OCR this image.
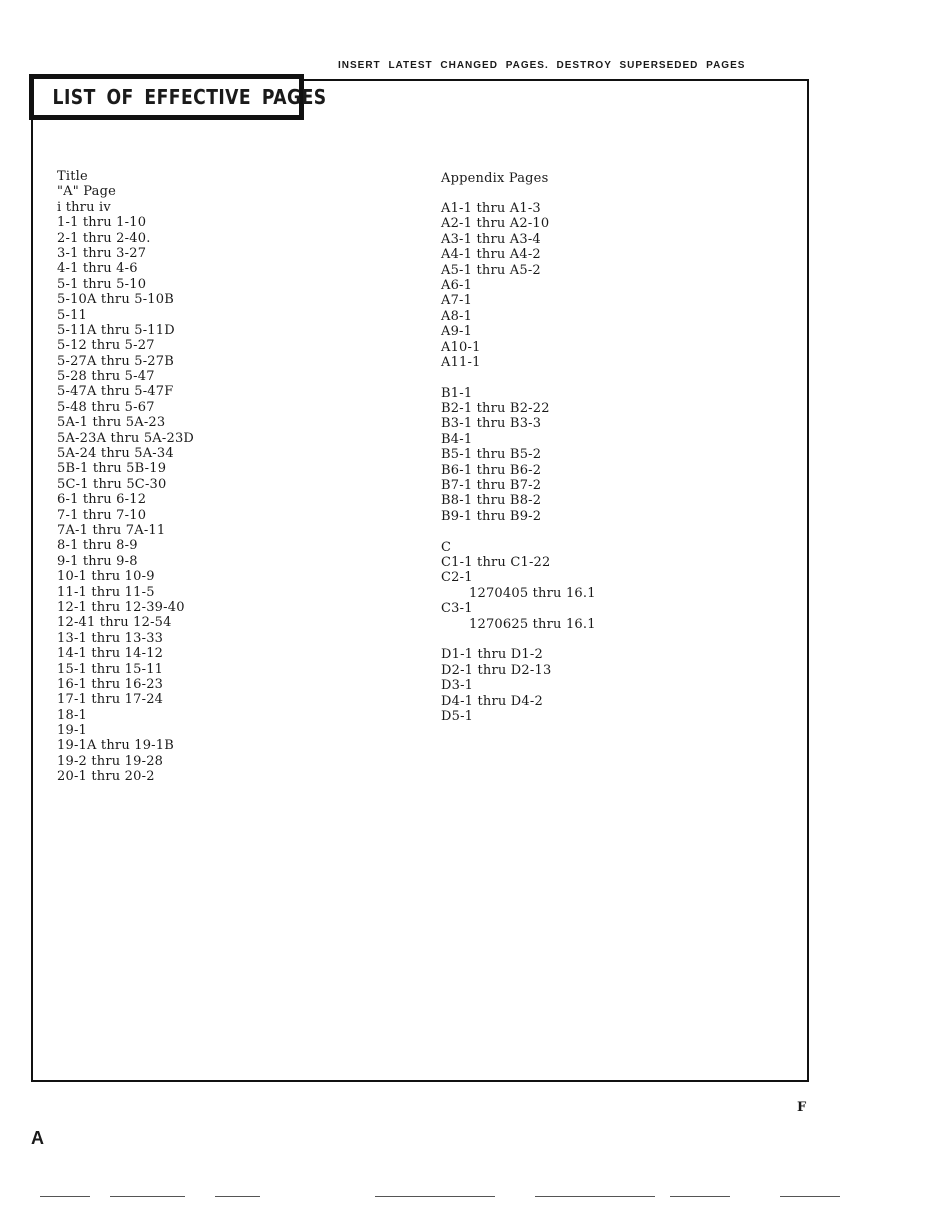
INSERT LATEST CHANGED PAGES. DESTROY SUPERSEDED PAGES

LIST OF EFFECTIVE PAGES
Title
"A" Page
i thru iv
1-1 thru 1-10
2-1 thru 2-40.
3-1 thru 3-27
4-1 thru 4-6
5-1 thru 5-10
5-10A thru 5-10B
5-11
5-11A thru 5-11D
5-12 thru 5-27
5-27A thru 5-27B
5-28 thru 5-47
5-47A thru 5-47F
5-48 thru 5-67
5A-1 thru 5A-23
5A-23A thru 5A-23D
5A-24 thru 5A-34
5B-1 thru 5B-19
5C-1 thru 5C-30
6-1 thru 6-12
7-1 thru 7-10
7A-1 thru 7A-11
8-1 thru 8-9
9-1 thru 9-8
10-1 thru 10-9
11-1 thru 11-5
12-1 thru 12-39-40
12-41 thru 12-54
13-1 thru 13-33
14-1 thru 14-12
15-1 thru 15-11
16-1 thru 16-23
17-1 thru 17-24
18-1
19-1
19-1A thru 19-1B
19-2 thru 19-28
20-1 thru 20-2
Appendix Pages
A1-1 thru A1-3
A2-1 thru A2-10
A3-1 thru A3-4
A4-1 thru A4-2
A5-1 thru A5-2
A6-1
A7-1
A8-1
A9-1
A10-1
A11-1
B1-1
B2-1 thru B2-22
B3-1 thru B3-3
B4-1
B5-1 thru B5-2
B6-1 thru B6-2
B7-1 thru B7-2
B8-1 thru B8-2
B9-1 thru B9-2
C
C1-1 thru C1-22
C2-1
1270405 thru 16.1
C3-1
1270625 thru 16.1
D1-1 thru D1-2
D2-1 thru D2-13
D3-1
D4-1 thru D4-2
D5-1

F

A
